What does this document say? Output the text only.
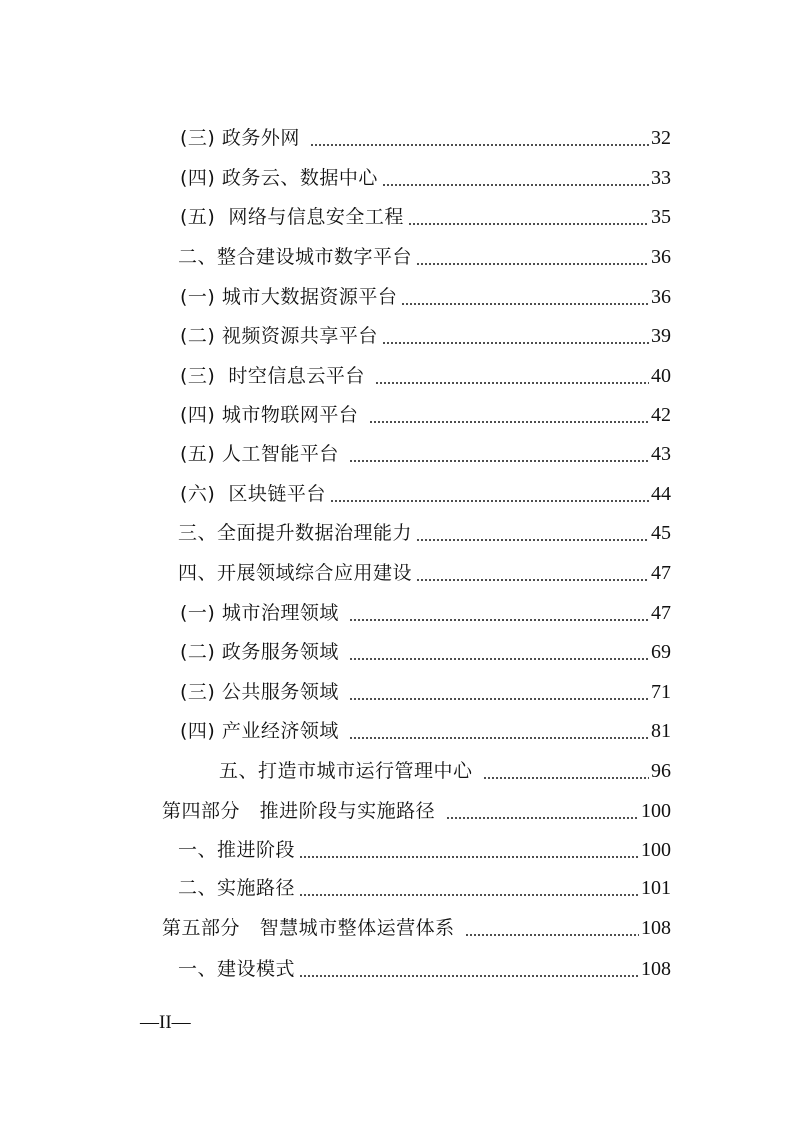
(三) 政务外网	32
(四) 政务云、数据中心	33
(五)  网络与信息安全工程	35
二、整合建设城市数字平台	36
(一) 城市大数据资源平台	36
(二) 视频资源共享平台	39
(三)  时空信息云平台	40
(四) 城市物联网平台	42
(五) 人工智能平台	43
(六)  区块链平台	44
三、全面提升数据治理能力	45
四、开展领域综合应用建设	47
(一) 城市治理领域	47
(二) 政务服务领域	69
(三) 公共服务领域	71
(四) 产业经济领域	81
五、打造市城市运行管理中心	96
第四部分   推进阶段与实施路径	100
一、推进阶段	100
二、实施路径	101
第五部分   智慧城市整体运营体系	108
一、建设模式	108
—II—
